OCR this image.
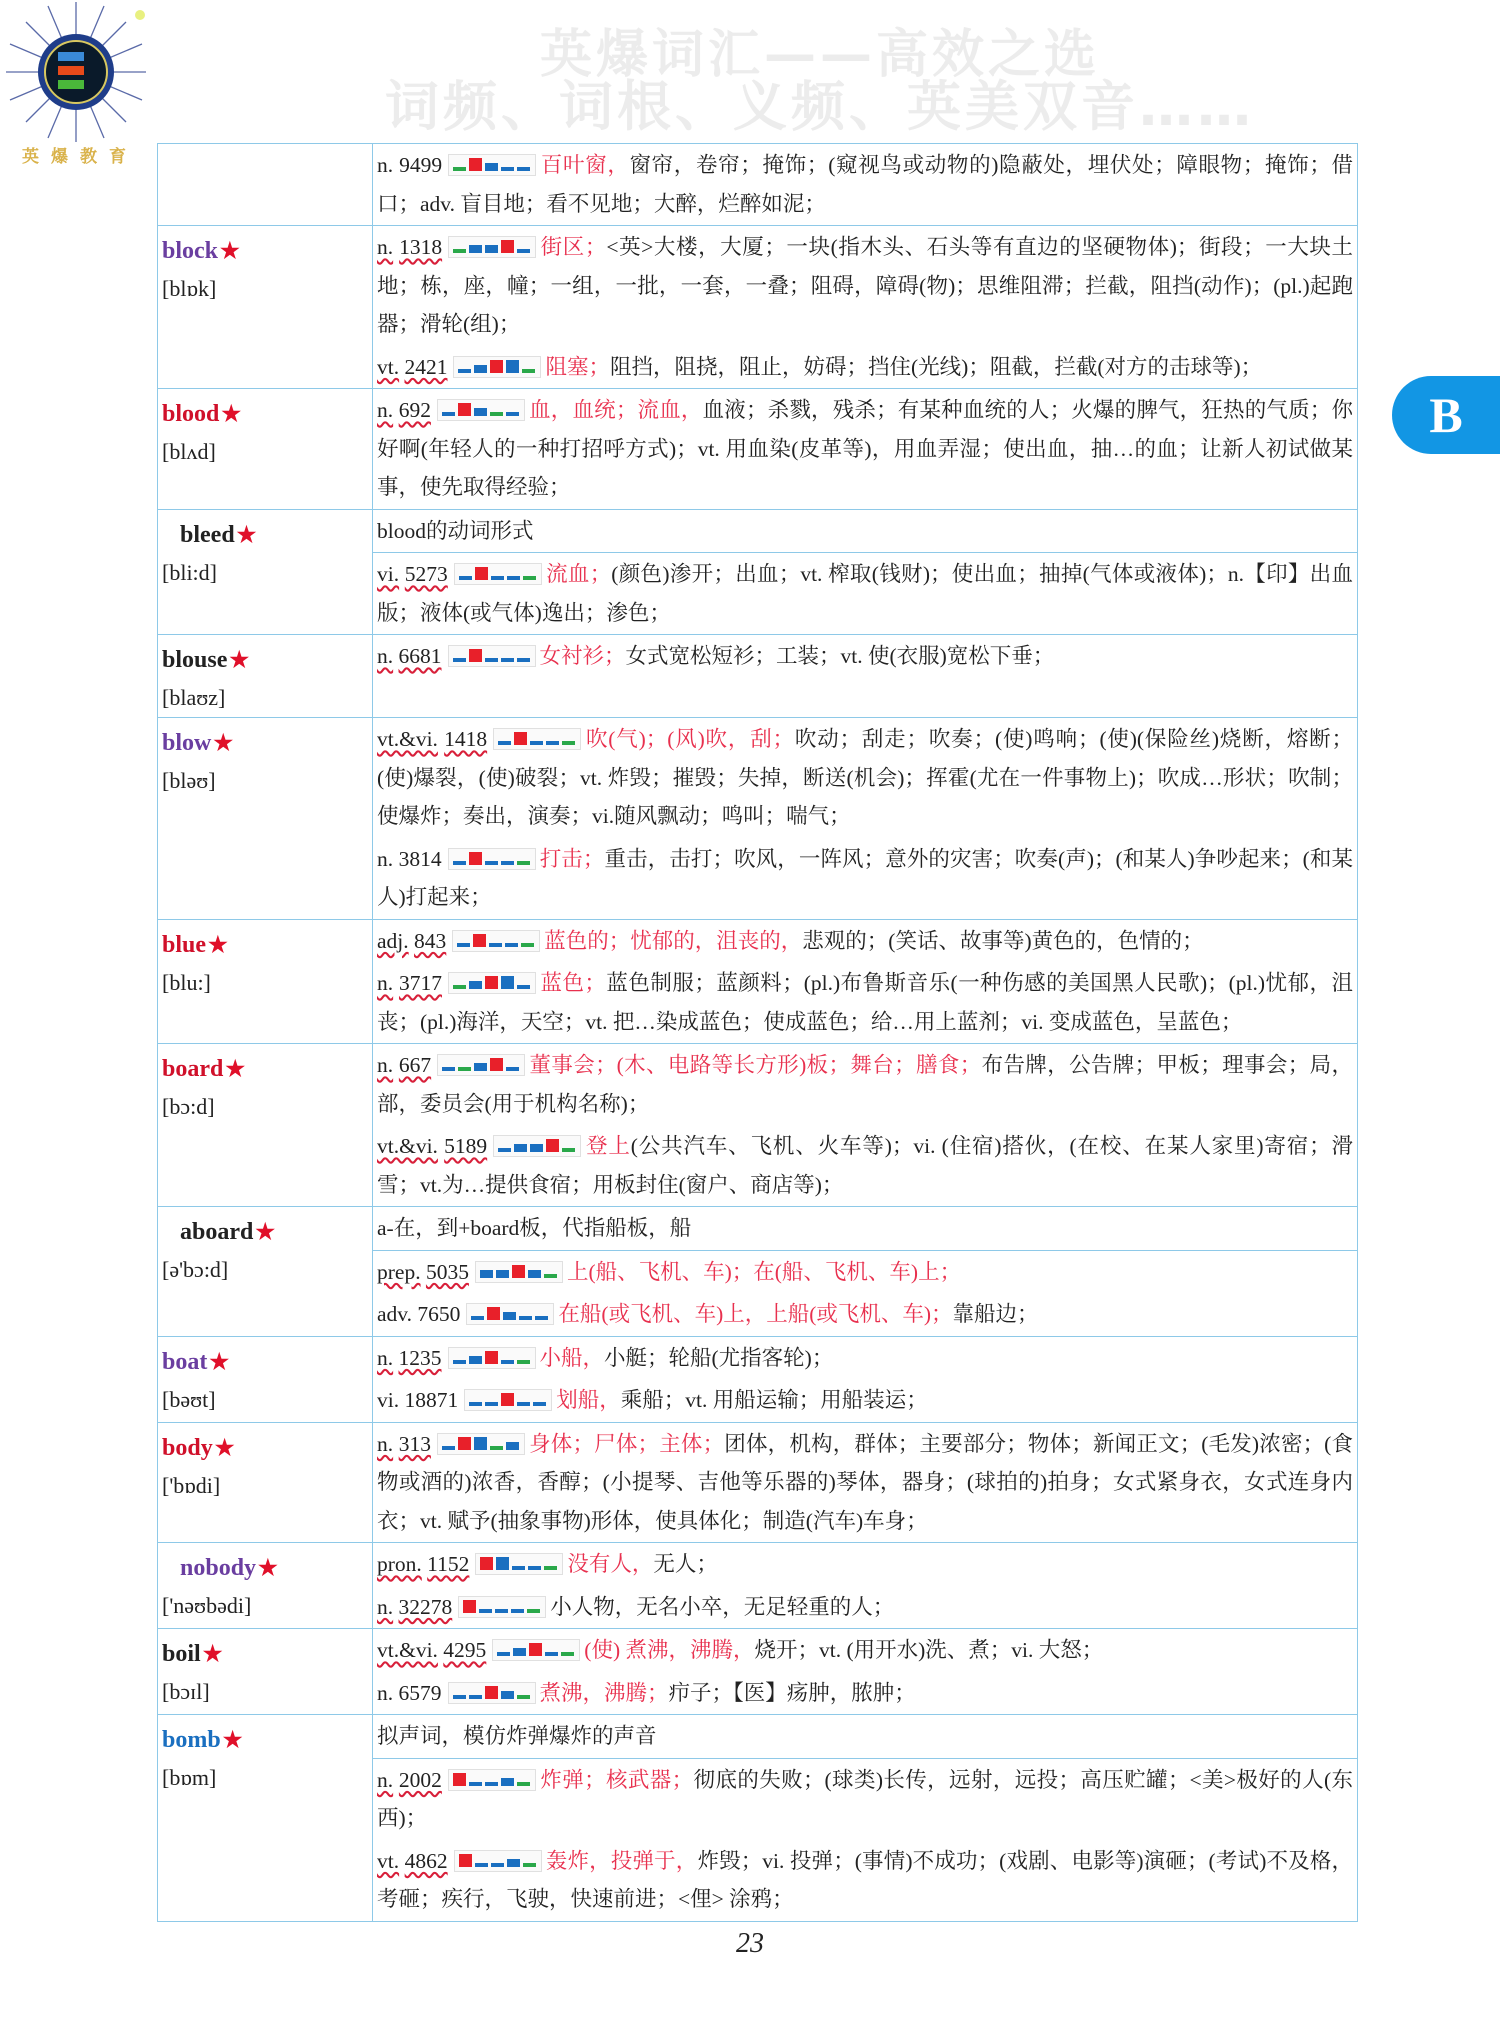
英爆教育
英爆词汇——高效之选
词频、词根、义频、英美双音……
B

	n. 9499 百叶窗，窗帘，卷帘；掩饰；(窥视鸟或动物的)隐蔽处，埋伏处；障眼物；掩饰；借口；adv. 盲目地；看不见地；大醉，烂醉如泥；

block★
[blɒk]

n. 1318	街区；<英>大楼，大厦；一块(指木头、石头等有直边的坚硬物体)；街段；一大块土地；栋，座，幢；一组，一批，一套，一叠；阻碍，障碍(物)；思维阻滞；拦截，阻挡(动作)；(pl.)起跑器；滑轮(组)；
vt. 2421	阻塞；阻挡，阻挠，阻止，妨碍；挡住(光线)；阻截，拦截(对方的击球等)；

blood★
[blʌd]

n. 692	血，血统；流血，血液；杀戮，残杀；有某种血统的人；火爆的脾气，狂热的气质；你好啊(年轻人的一种打招呼方式)；vt. 用血染(皮革等)，用血弄湿；使出血，抽…的血；让新人初试做某事，使先取得经验；

bleed★
[bli:d]

blood的动词形式
vi. 5273	流血；(颜色)渗开；出血；vt. 榨取(钱财)；使出血；抽掉(气体或液体)；n.【印】出血版；液体(或气体)逸出；渗色；

blouse★
[blaʊz]

n. 6681	女衬衫；女式宽松短衫；工装；vt. 使(衣服)宽松下垂；

blow★
[bləʊ]

vt.&vi. 1418	吹(气)；(风)吹，刮；吹动；刮走；吹奏；(使)鸣响；(使)(保险丝)烧断，熔断；(使)爆裂，(使)破裂；vt. 炸毁；摧毁；失掉，断送(机会)；挥霍(尤在一件事物上)；吹成…形状；吹制；使爆炸；奏出，演奏；vi.随风飘动；鸣叫；喘气；
n. 3814	打击；重击，击打；吹风，一阵风；意外的灾害；吹奏(声)；(和某人)争吵起来；(和某人)打起来；

blue★
[blu:]

adj. 843	蓝色的；忧郁的，沮丧的，悲观的；(笑话、故事等)黄色的，色情的；
n. 3717	蓝色；蓝色制服；蓝颜料；(pl.)布鲁斯音乐(一种伤感的美国黑人民歌)；(pl.)忧郁，沮丧；(pl.)海洋，天空；vt. 把…染成蓝色；使成蓝色；给…用上蓝剂；vi. 变成蓝色，呈蓝色；

board★
[bɔ:d]

n. 667	董事会；(木、电路等长方形)板；舞台；膳食；布告牌，公告牌；甲板；理事会；局，部，委员会(用于机构名称)；
vt.&vi. 5189	登上(公共汽车、飞机、火车等)；vi. (住宿)搭伙，(在校、在某人家里)寄宿；滑雪；vt.为…提供食宿；用板封住(窗户、商店等)；

aboard★
[ə'bɔ:d]

a-在，到+board板，代指船板，船
prep. 5035	上(船、飞机、车)；在(船、飞机、车)上；
adv. 7650	在船(或飞机、车)上，上船(或飞机、车)；靠船边；

boat★
[bəʊt]

n. 1235	小船，小艇；轮船(尤指客轮)；
vi. 18871	划船，乘船；vt. 用船运输；用船装运；

body★
['bɒdi]

n. 313	身体；尸体；主体；团体，机构，群体；主要部分；物体；新闻正文；(毛发)浓密；(食物或酒的)浓香，香醇；(小提琴、吉他等乐器的)琴体，器身；(球拍的)拍身；女式紧身衣，女式连身内衣；vt. 赋予(抽象事物)形体，使具体化；制造(汽车)车身；

nobody★
['nəʊbədi]

pron. 1152	没有人，无人；
n. 32278	小人物，无名小卒，无足轻重的人；

boil★
[bɔɪl]

vt.&vi. 4295	(使) 煮沸，沸腾，烧开；vt. (用开水)洗、煮；vi. 大怒；
n. 6579	煮沸，沸腾；疖子；【医】疡肿，脓肿；

bomb★
[bɒm]

拟声词，模仿炸弹爆炸的声音
n. 2002	炸弹；核武器；彻底的失败；(球类)长传，远射，远投；高压贮罐；<美>极好的人(东西)；
vt. 4862	轰炸，投弹于，炸毁；vi. 投弹；(事情)不成功；(戏剧、电影等)演砸；(考试)不及格，考砸；疾行，飞驶，快速前进；<俚> 涂鸦；
23
